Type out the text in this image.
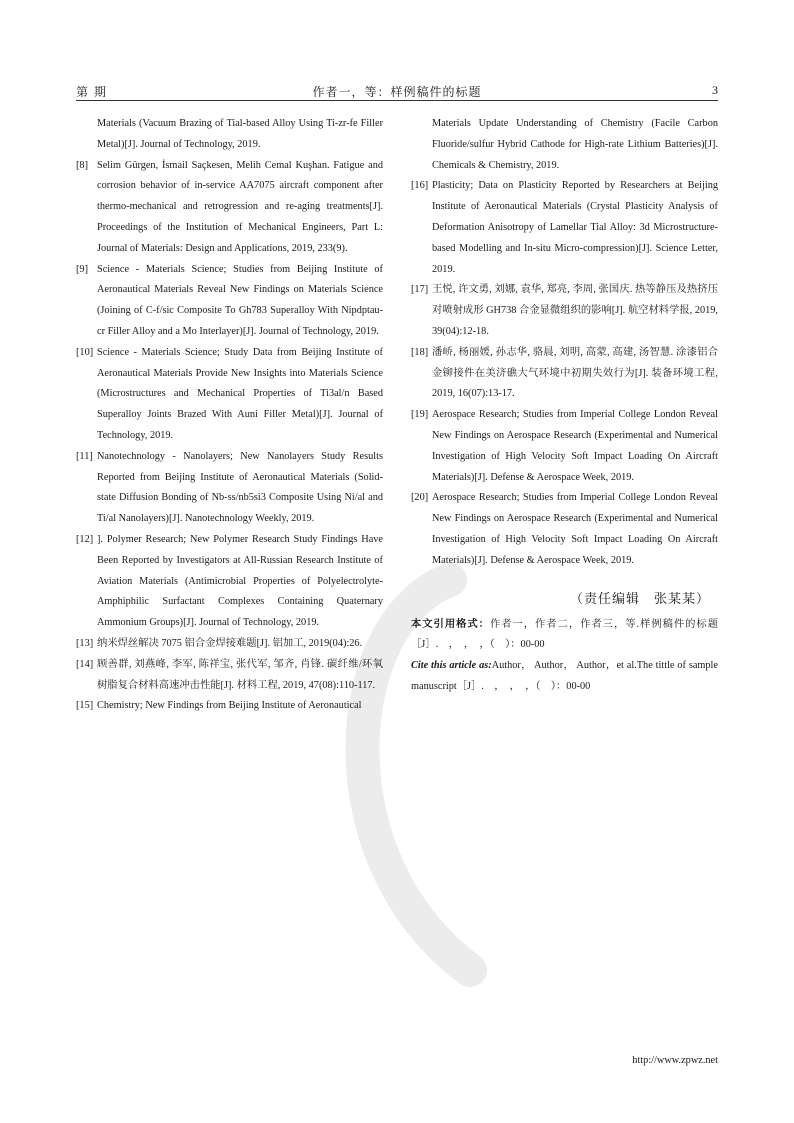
第期	作者一，等：样例稿件的标题	3
Materials (Vacuum Brazing of Tial-based Alloy Using Ti-zr-fe Filler Metal)[J]. Journal of Technology, 2019.
[8] Selim Gürgen, İsmail Saçkesen, Melih Cemal Kuşhan. Fatigue and corrosion behavior of in-service AA7075 aircraft component after thermo-mechanical and retrogression and re-aging treatments[J]. Proceedings of the Institution of Mechanical Engineers, Part L: Journal of Materials: Design and Applications, 2019, 233(9).
[9] Science - Materials Science; Studies from Beijing Institute of Aeronautical Materials Reveal New Findings on Materials Science (Joining of C-f/sic Composite To Gh783 Superalloy With Nipdptau-cr Filler Alloy and a Mo Interlayer)[J]. Journal of Technology, 2019.
[10] Science - Materials Science; Study Data from Beijing Institute of Aeronautical Materials Provide New Insights into Materials Science (Microstructures and Mechanical Properties of Ti3al/n Based Superalloy Joints Brazed With Auni Filler Metal)[J]. Journal of Technology, 2019.
[11] Nanotechnology - Nanolayers; New Nanolayers Study Results Reported from Beijing Institute of Aeronautical Materials (Solid-state Diffusion Bonding of Nb-ss/nb5si3 Composite Using Ni/al and Ti/al Nanolayers)[J]. Nanotechnology Weekly, 2019.
[12] ]. Polymer Research; New Polymer Research Study Findings Have Been Reported by Investigators at All-Russian Research Institute of Aviation Materials (Antimicrobial Properties of Polyelectrolyte-Amphiphilic Surfactant Complexes Containing Quaternary Ammonium Groups)[J]. Journal of Technology, 2019.
[13] 纳米焊丝解决 7075 铝合金焊接难题[J]. 铝加工, 2019(04):26.
[14] 顾善群, 刘燕峰, 李军, 陈祥宝, 张代军, 邹齐, 肖锋. 碳纤维/环氧树脂复合材料高速冲击性能[J]. 材料工程, 2019, 47(08):110-117.
[15] Chemistry; New Findings from Beijing Institute of Aeronautical
Materials Update Understanding of Chemistry (Facile Carbon Fluoride/sulfur Hybrid Cathode for High-rate Lithium Batteries)[J]. Chemicals & Chemistry, 2019.
[16] Plasticity; Data on Plasticity Reported by Researchers at Beijing Institute of Aeronautical Materials (Crystal Plasticity Analysis of Deformation Anisotropy of Lamellar Tial Alloy: 3d Microstructure-based Modelling and In-situ Micro-compression)[J]. Science Letter, 2019.
[17] 王悦, 许文勇, 刘娜, 袁华, 郑亮, 李周, 张国庆. 热等静压及热挤压对喷射成形 GH738 合金显微组织的影响[J]. 航空材料学报, 2019, 39(04):12-18.
[18] 潘峤, 杨丽媛, 孙志华, 骆晨, 刘明, 高蒙, 高建, 汤智慧. 涂漆铝合金铆接件在美济礁大气环境中初期失效行为[J]. 装备环境工程, 2019, 16(07):13-17.
[19] Aerospace Research; Studies from Imperial College London Reveal New Findings on Aerospace Research (Experimental and Numerical Investigation of High Velocity Soft Impact Loading On Aircraft Materials)[J]. Defense & Aerospace Week, 2019.
[20] Aerospace Research; Studies from Imperial College London Reveal New Findings on Aerospace Research (Experimental and Numerical Investigation of High Velocity Soft Impact Loading On Aircraft Materials)[J]. Defense & Aerospace Week, 2019.
（责任编辑　张某某）
本文引用格式：作者一，作者二，作者三，等.样例稿件的标题［J］.　，　，　，（　）：00-00
Cite this article as:Author， Author， Author，et al.The tittle of sample manuscript［J］.　，　，　，（　）：00-00
http://www.zpwz.net
